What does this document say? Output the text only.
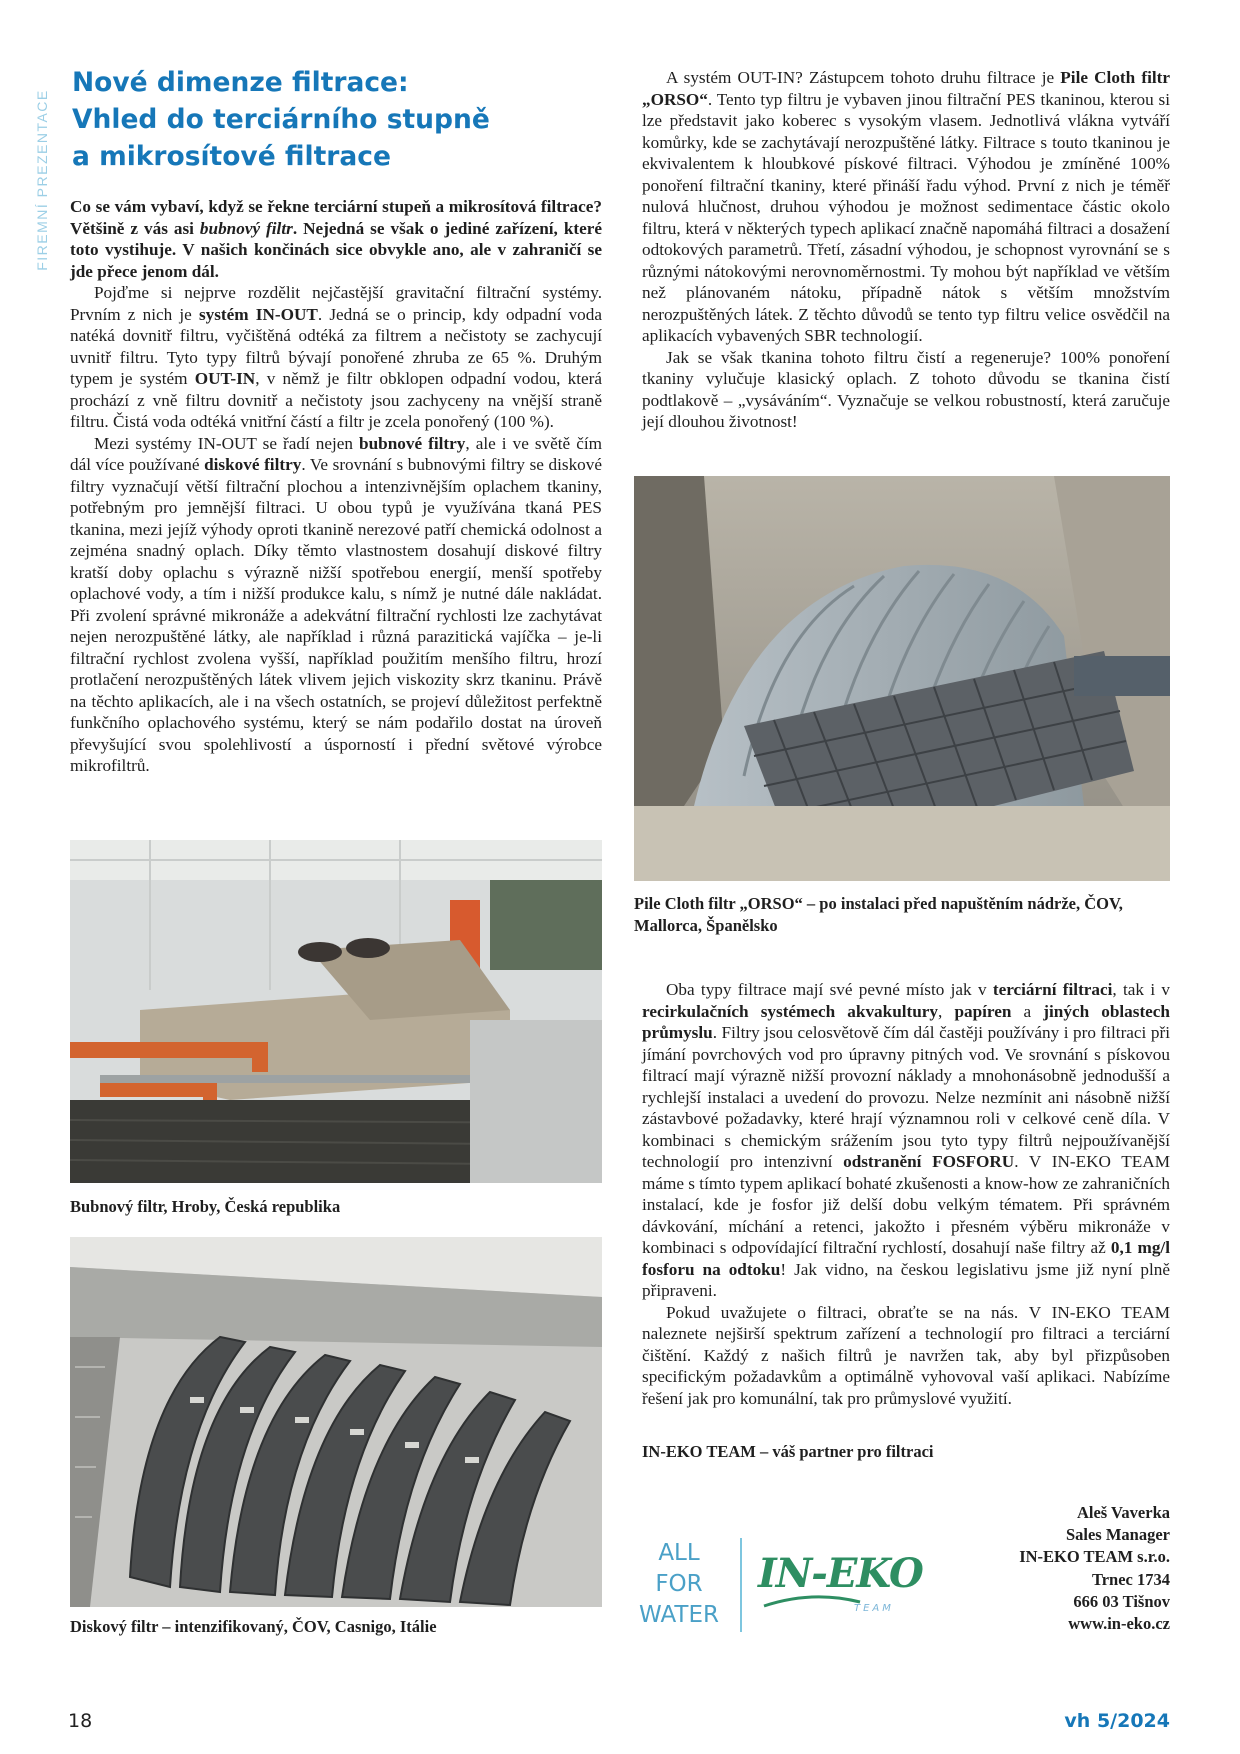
FIREMNÍ PREZENTACE
Nové dimenze filtrace:
Vhled do terciárního stupně
a mikrosítové filtrace

Co se vám vybaví, když se řekne terciární stupeň a mikrosítová filtrace? Většině z vás asi bubnový filtr. Nejedná se však o jediné zařízení, které toto vystihuje. V našich končinách sice obvykle ano, ale v zahraničí se jde přece jenom dál.

Pojďme si nejprve rozdělit nejčastější gravitační filtrační systémy. Prvním z nich je systém IN-OUT. Jedná se o princip, kdy odpadní voda natéká dovnitř filtru, vyčištěná odtéká za filtrem a nečistoty se zachycují uvnitř filtru. Tyto typy filtrů bývají ponořené zhruba ze 65 %. Druhým typem je systém OUT-IN, v němž je filtr obklopen odpadní vodou, která prochází z vně filtru dovnitř a nečistoty jsou zachyceny na vnější straně filtru. Čistá voda odtéká vnitřní částí a filtr je zcela ponořený (100 %).

Mezi systémy IN-OUT se řadí nejen bubnové filtry, ale i ve světě čím dál více používané diskové filtry. Ve srovnání s bubnovými filtry se diskové filtry vyznačují větší filtrační plochou a intenzivnějším oplachem tkaniny, potřebným pro jemnější filtraci. U obou typů je využívána tkaná PES tkanina, mezi jejíž výhody oproti tkanině nerezové patří chemická odolnost a zejména snadný oplach. Díky těmto vlastnostem dosahují diskové filtry kratší doby oplachu s výrazně nižší spotřebou energií, menší spotřeby oplachové vody, a tím i nižší produkce kalu, s nímž je nutné dále nakládat. Při zvolení správné mikronáže a adekvátní filtrační rychlosti lze zachytávat nejen nerozpuštěné látky, ale například i různá parazitická vajíčka – je-li filtrační rychlost zvolena vyšší, například použitím menšího filtru, hrozí protlačení nerozpuštěných látek vlivem jejich viskozity skrz tkaninu. Právě na těchto aplikacích, ale i na všech ostatních, se projeví důležitost perfektně funkčního oplachového systému, který se nám podařilo dostat na úroveň převyšující svou spolehlivostí a úsporností i přední světové výrobce mikrofiltrů.

A systém OUT-IN? Zástupcem tohoto druhu filtrace je Pile Cloth filtr „ORSO“. Tento typ filtru je vybaven jinou filtrační PES tkaninou, kterou si lze představit jako koberec s vysokým vlasem. Jednotlivá vlákna vytváří komůrky, kde se zachytávají nerozpuštěné látky. Filtrace s touto tkaninou je ekvivalentem k hloubkové pískové filtraci. Výhodou je zmíněné 100% ponoření filtrační tkaniny, které přináší řadu výhod. První z nich je téměř nulová hlučnost, druhou výhodou je možnost sedimentace částic okolo filtru, která v některých typech aplikací značně napomáhá filtraci a dosažení odtokových parametrů. Třetí, zásadní výhodou, je schopnost vyrovnání se s různými nátokovými nerovnoměrnostmi. Ty mohou být například ve větším než plánovaném nátoku, případně nátok s větším množstvím nerozpuštěných látek. Z těchto důvodů se tento typ filtru velice osvědčil na aplikacích vybavených SBR technologií.

Jak se však tkanina tohoto filtru čistí a regeneruje? 100% ponoření tkaniny vylučuje klasický oplach. Z tohoto důvodu se tkanina čistí podtlakově – „vysáváním“. Vyznačuje se velkou robustností, která zaručuje její dlouhou životnost!

Pile Cloth filtr „ORSO“ – po instalaci před napuštěním nádrže, ČOV, Mallorca, Španělsko

Oba typy filtrace mají své pevné místo jak v terciární filtraci, tak i v recirkulačních systémech akvakultury, papíren a jiných oblastech průmyslu. Filtry jsou celosvětově čím dál častěji používány i pro filtraci při jímání povrchových vod pro úpravny pitných vod. Ve srovnání s pískovou filtrací mají výrazně nižší provozní náklady a mnohonásobně jednodušší a rychlejší instalaci a uvedení do provozu. Nelze nezmínit ani násobně nižší zástavbové požadavky, které hrají významnou roli v celkové ceně díla. V kombinaci s chemickým srážením jsou tyto typy filtrů nejpoužívanější technologií pro intenzivní odstranění FOSFORU. V IN-EKO TEAM máme s tímto typem aplikací bohaté zkušenosti a know-how ze zahraničních instalací, kde je fosfor již delší dobu velkým tématem. Při správném dávkování, míchání a retenci, jakožto i přesném výběru mikronáže v kombinaci s odpovídající filtrační rychlostí, dosahují naše filtry až 0,1 mg/l fosforu na odtoku! Jak vidno, na českou legislativu jsme již nyní plně připraveni.

Pokud uvažujete o filtraci, obraťte se na nás. V IN-EKO TEAM naleznete nejširší spektrum zařízení a technologií pro filtraci a terciární čištění. Každý z našich filtrů je navržen tak, aby byl přizpůsoben specifickým požadavkům a optimálně vyhovoval vaší aplikaci. Nabízíme řešení jak pro komunální, tak pro průmyslové využití.

IN-EKO TEAM – váš partner pro filtraci

Bubnový filtr, Hroby, Česká republika

Diskový filtr – intenzifikovaný, ČOV, Casnigo, Itálie

ALL
FOR
WATER
IN-EKO
TEAM
Aleš Vaverka
Sales Manager
IN-EKO TEAM s.r.o.
Trnec 1734
666 03 Tišnov
www.in-eko.cz
18	vh 5/2024
